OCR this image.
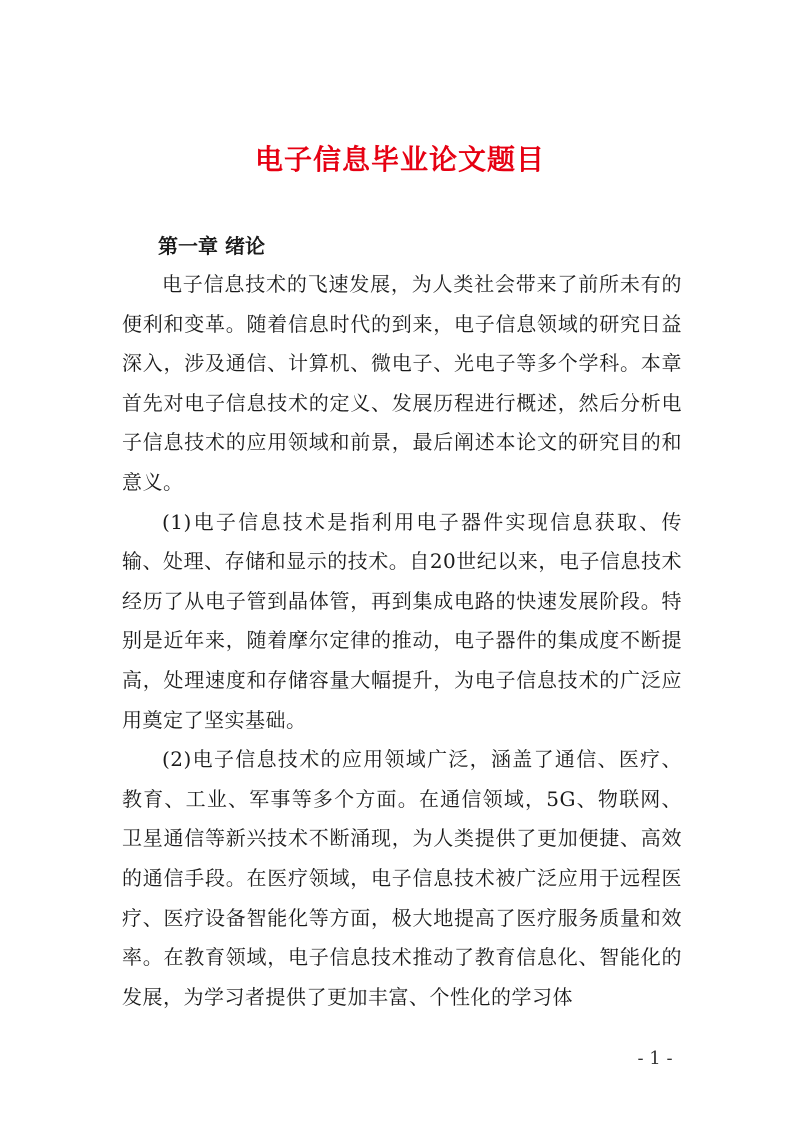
电子信息毕业论文题目
第一章 绪论

电子信息技术的飞速发展，为人类社会带来了前所未有的便利和变革。随着信息时代的到来，电子信息领域的研究日益深入，涉及通信、计算机、微电子、光电子等多个学科。本章首先对电子信息技术的定义、发展历程进行概述，然后分析电子信息技术的应用领域和前景，最后阐述本论文的研究目的和意义。

(1)电子信息技术是指利用电子器件实现信息获取、传输、处理、存储和显示的技术。自20世纪以来，电子信息技术经历了从电子管到晶体管，再到集成电路的快速发展阶段。特别是近年来，随着摩尔定律的推动，电子器件的集成度不断提高，处理速度和存储容量大幅提升，为电子信息技术的广泛应用奠定了坚实基础。

(2)电子信息技术的应用领域广泛，涵盖了通信、医疗、教育、工业、军事等多个方面。在通信领域，5G、物联网、卫星通信等新兴技术不断涌现，为人类提供了更加便捷、高效的通信手段。在医疗领域，电子信息技术被广泛应用于远程医疗、医疗设备智能化等方面，极大地提高了医疗服务质量和效率。在教育领域，电子信息技术推动了教育信息化、智能化的发展，为学习者提供了更加丰富、个性化的学习体

- 1 -
